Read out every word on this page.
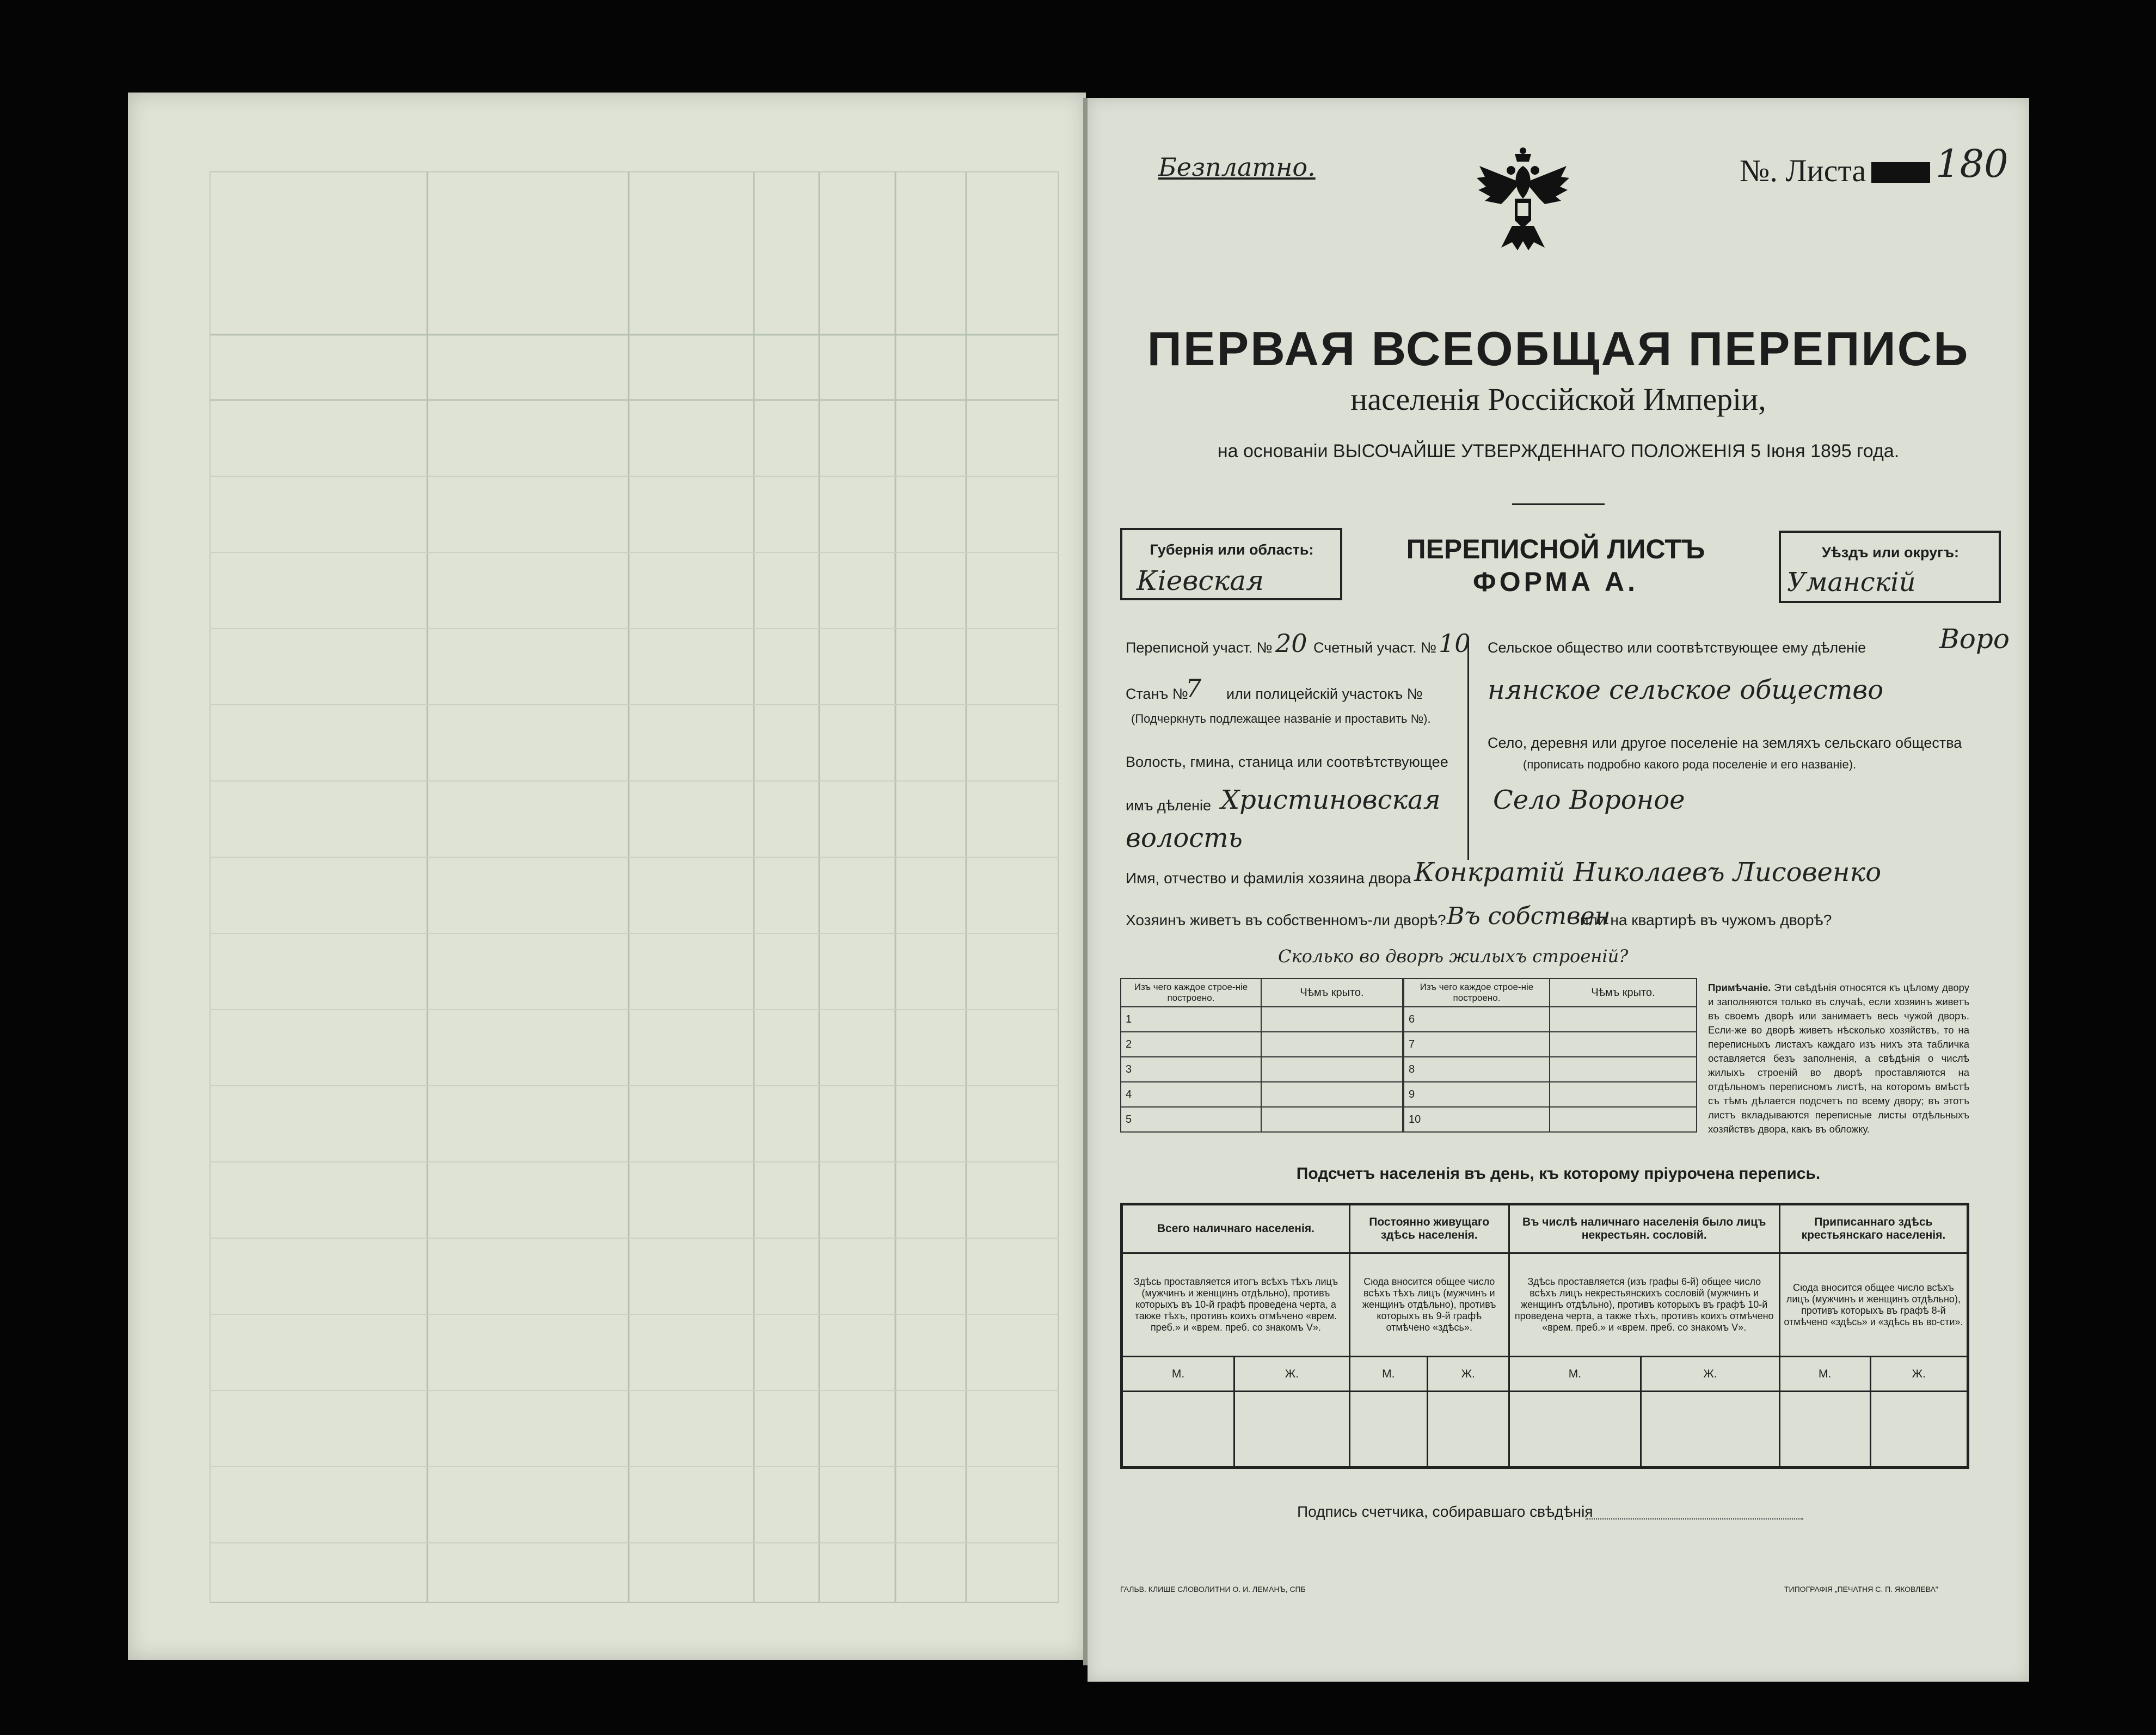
Безплатно.	№. Листа 180
ПЕРВАЯ ВСЕОБЩАЯ ПЕРЕПИСЬ
населенія Россійской Имперіи,
на основаніи ВЫСОЧАЙШЕ УТВЕРЖДЕННАГО ПОЛОЖЕНІЯ 5 Іюня 1895 года.
Губернія или область:
Кіевская
ПЕРЕПИСНОЙ ЛИСТЪ
ФОРМА А.
Уѣздъ или округъ:
Уманскій
Переписной участ. № 20 Счетный участ. № 10
Станъ №
7 или полицейскій участокъ №
(Подчеркнуть подлежащее названіе и проставить №).
Волость, гмина, станица или соотвѣтствующее
имъ дѣленіе Христиновская
волость
Сельское общество или соотвѣтствующее ему дѣленіе	Воро
нянское сельское общество
Село, деревня или другое поселеніе на земляхъ сельскаго общества
(прописать подробно какого рода поселеніе и его названіе).
Село Вороное
Имя, отчество и фамилія хозяина двора Конкратій Николаевъ Лисовенко
Хозяинъ живетъ въ собственномъ-ли дворѣ? Въ собствен
или на квартирѣ въ чужомъ дворѣ?
Сколько во дворѣ жилыхъ строеній?
Изъ чего каждое строе-ніе построено.	Чѣмъ крыто.
1	
2	
3	
4	
5	
Изъ чего каждое строе-ніе построено.	Чѣмъ крыто.
6	
7	
8	
9	
10	
Примѣчаніе. Эти свѣдѣнія относятся къ цѣлому двору и заполняются только въ случаѣ, если хозяинъ живетъ въ своемъ дворѣ или занимаетъ весь чужой дворъ. Если-же во дворѣ живетъ нѣсколько хозяйствъ, то на переписныхъ листахъ каждаго изъ нихъ эта табличка оставляется безъ заполненія, а свѣдѣнія о числѣ жилыхъ строеній во дворѣ проставляются на отдѣльномъ переписномъ листѣ, на которомъ вмѣстѣ съ тѣмъ дѣлается подсчетъ по всему двору; въ этотъ листъ вкладываются переписные листы отдѣльныхъ хозяйствъ двора, какъ въ обложку.
Подсчетъ населенія въ день, къ которому пріурочена перепись.
Всего наличнаго населенія.		Постоянно живущаго здѣсь населенія.		Въ числѣ наличнаго населенія было лицъ некрестьян. сословій.		Приписаннаго здѣсь крестьянскаго населенія.	
Здѣсь проставляется итогъ всѣхъ тѣхъ лицъ (мужчинъ и женщинъ отдѣльно), противъ которыхъ въ 10-й графѣ проведена черта, а также тѣхъ, противъ коихъ отмѣчено «врем. преб.» и «врем. преб. со знакомъ V».		Сюда вносится общее число всѣхъ тѣхъ лицъ (мужчинъ и женщинъ отдѣльно), противъ которыхъ въ 9-й графѣ отмѣчено «здѣсь».		Здѣсь проставляется (изъ графы 6-й) общее число всѣхъ лицъ некрестьянскихъ сословій (мужчинъ и женщинъ отдѣльно), противъ которыхъ въ графѣ 10-й проведена черта, а также тѣхъ, противъ коихъ отмѣчено «врем. преб.» и «врем. преб. со знакомъ V».		Сюда вносится общее число всѣхъ лицъ (мужчинъ и женщинъ отдѣльно), противъ которыхъ въ графѣ 8-й отмѣчено «здѣсь» и «здѣсь въ во-сти».	
М.	Ж.	М.	Ж.	М.	Ж.	М.	Ж.

Подпись счетчика, собиравшаго свѣдѣнія
ГАЛЬВ. КЛИШЕ СЛОВОЛИТНИ О. И. ЛЕМАНЪ, СПБ	ТИПОГРАФІЯ „ПЕЧАТНЯ С. П. ЯКОВЛЕВА"
